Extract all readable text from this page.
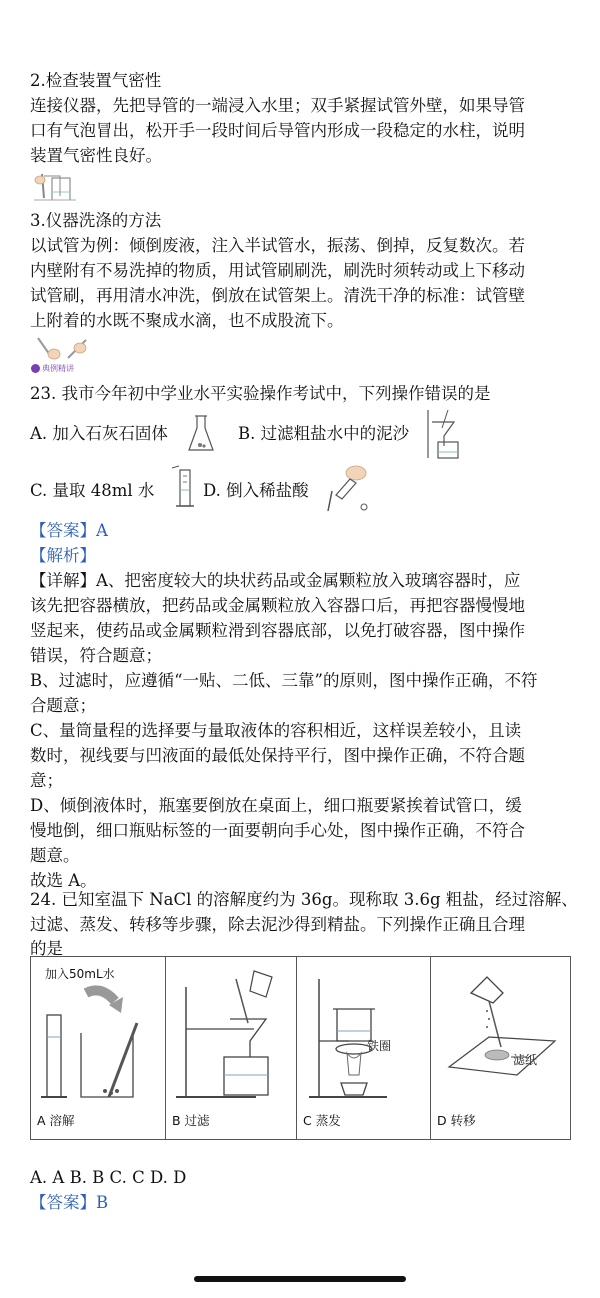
2.检查装置气密性
连接仪器，先把导管的一端浸入水里；双手紧握试管外壁，如果导管
口有气泡冒出，松开手一段时间后导管内形成一段稳定的水柱，说明
装置气密性良好。
3.仪器洗涤的方法
以试管为例：倾倒废液，注入半试管水，振荡、倒掉，反复数次。若
内壁附有不易洗掉的物质，用试管刷刷洗，刷洗时须转动或上下移动
试管刷，再用清水冲洗，倒放在试管架上。清洗干净的标准：试管壁
上附着的水既不聚成水滴，也不成股流下。
典例精讲
23. 我市今年初中学业水平实验操作考试中，下列操作错误的是
A. 加入石灰石固体	B. 过滤粗盐水中的泥沙
C. 量取 48ml 水	D. 倒入稀盐酸
【答案】A
【解析】
【详解】A、把密度较大的块状药品或金属颗粒放入玻璃容器时，应
该先把容器横放，把药品或金属颗粒放入容器口后，再把容器慢慢地
竖起来，使药品或金属颗粒滑到容器底部，以免打破容器，图中操作
错误，符合题意；
B、过滤时，应遵循“一贴、二低、三靠”的原则，图中操作正确，不符
合题意；
C、量筒量程的选择要与量取液体的容积相近，这样误差较小，且读
数时，视线要与凹液面的最低处保持平行，图中操作正确，不符合题
意；
D、倾倒液体时，瓶塞要倒放在桌面上，细口瓶要紧挨着试管口，缓
慢地倒，细口瓶贴标签的一面要朝向手心处，图中操作正确，不符合
题意。
故选 A。
24. 已知室温下 NaCl 的溶解度约为 36g。现称取 3.6g 粗盐，经过溶解、
过滤、蒸发、转移等步骤，除去泥沙得到精盐。下列操作正确且合理
的是
加入50mL水
A 溶解	B 过滤
铁圈
C 蒸发
滤纸
D 转移
A. A B. B C. C D. D
【答案】B
